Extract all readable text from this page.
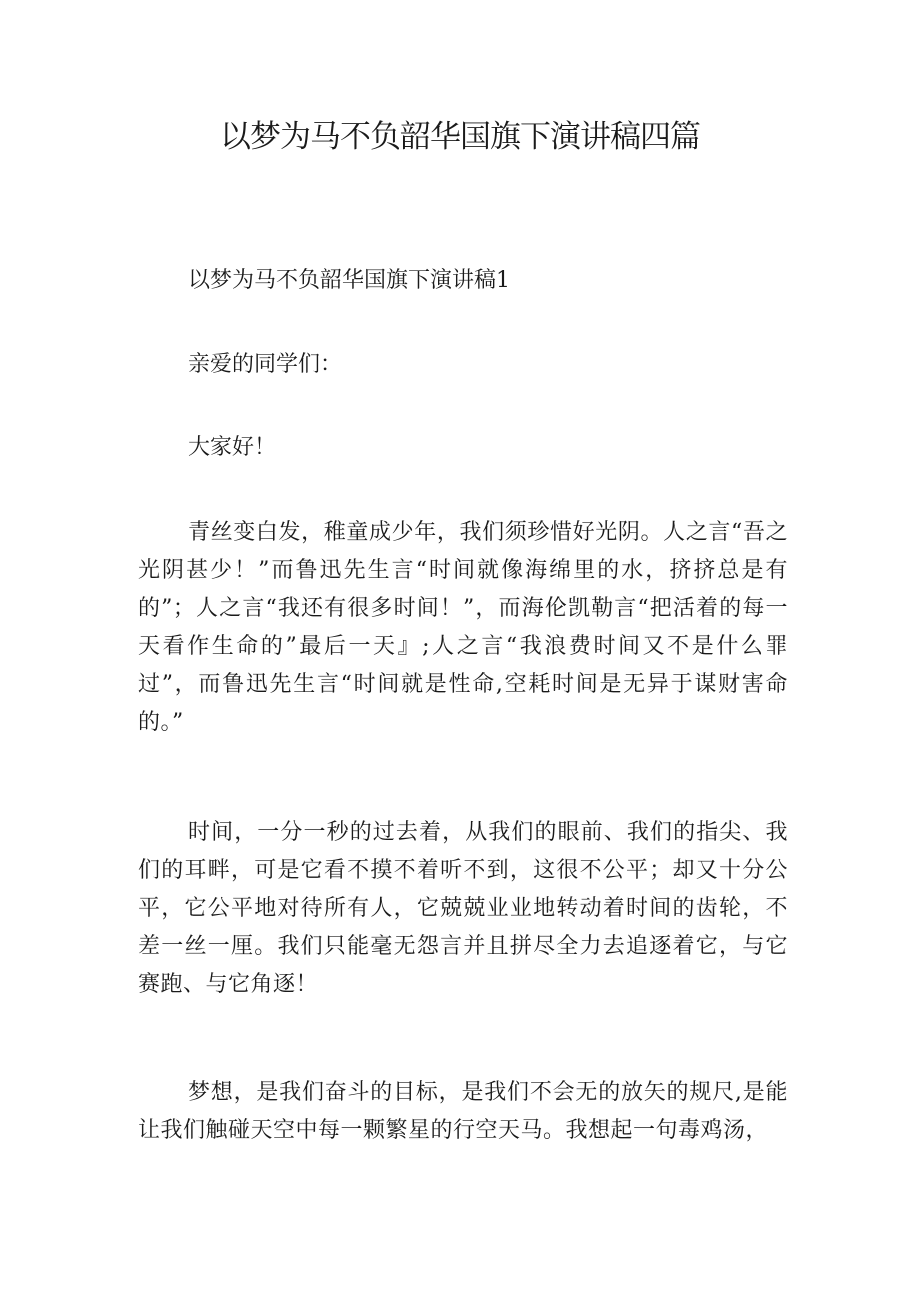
以梦为马不负韶华国旗下演讲稿四篇
以梦为马不负韶华国旗下演讲稿1
亲爱的同学们：
大家好！

青丝变白发，稚童成少年，我们须珍惜好光阴。人之言“吾之光阴甚少！”而鲁迅先生言“时间就像海绵里的水，挤挤总是有的”；人之言“我还有很多时间！”，而海伦凯勒言“把活着的每一天看作生命的”最后一天』;人之言“我浪费时间又不是什么罪过”，而鲁迅先生言“时间就是性命,空耗时间是无异于谋财害命的。”

时间，一分一秒的过去着，从我们的眼前、我们的指尖、我们的耳畔，可是它看不摸不着听不到，这很不公平；却又十分公平，它公平地对待所有人，它兢兢业业地转动着时间的齿轮，不差一丝一厘。我们只能毫无怨言并且拼尽全力去追逐着它，与它赛跑、与它角逐！

梦想，是我们奋斗的目标，是我们不会无的放矢的规尺,是能让我们触碰天空中每一颗繁星的行空天马。我想起一句毒鸡汤，
